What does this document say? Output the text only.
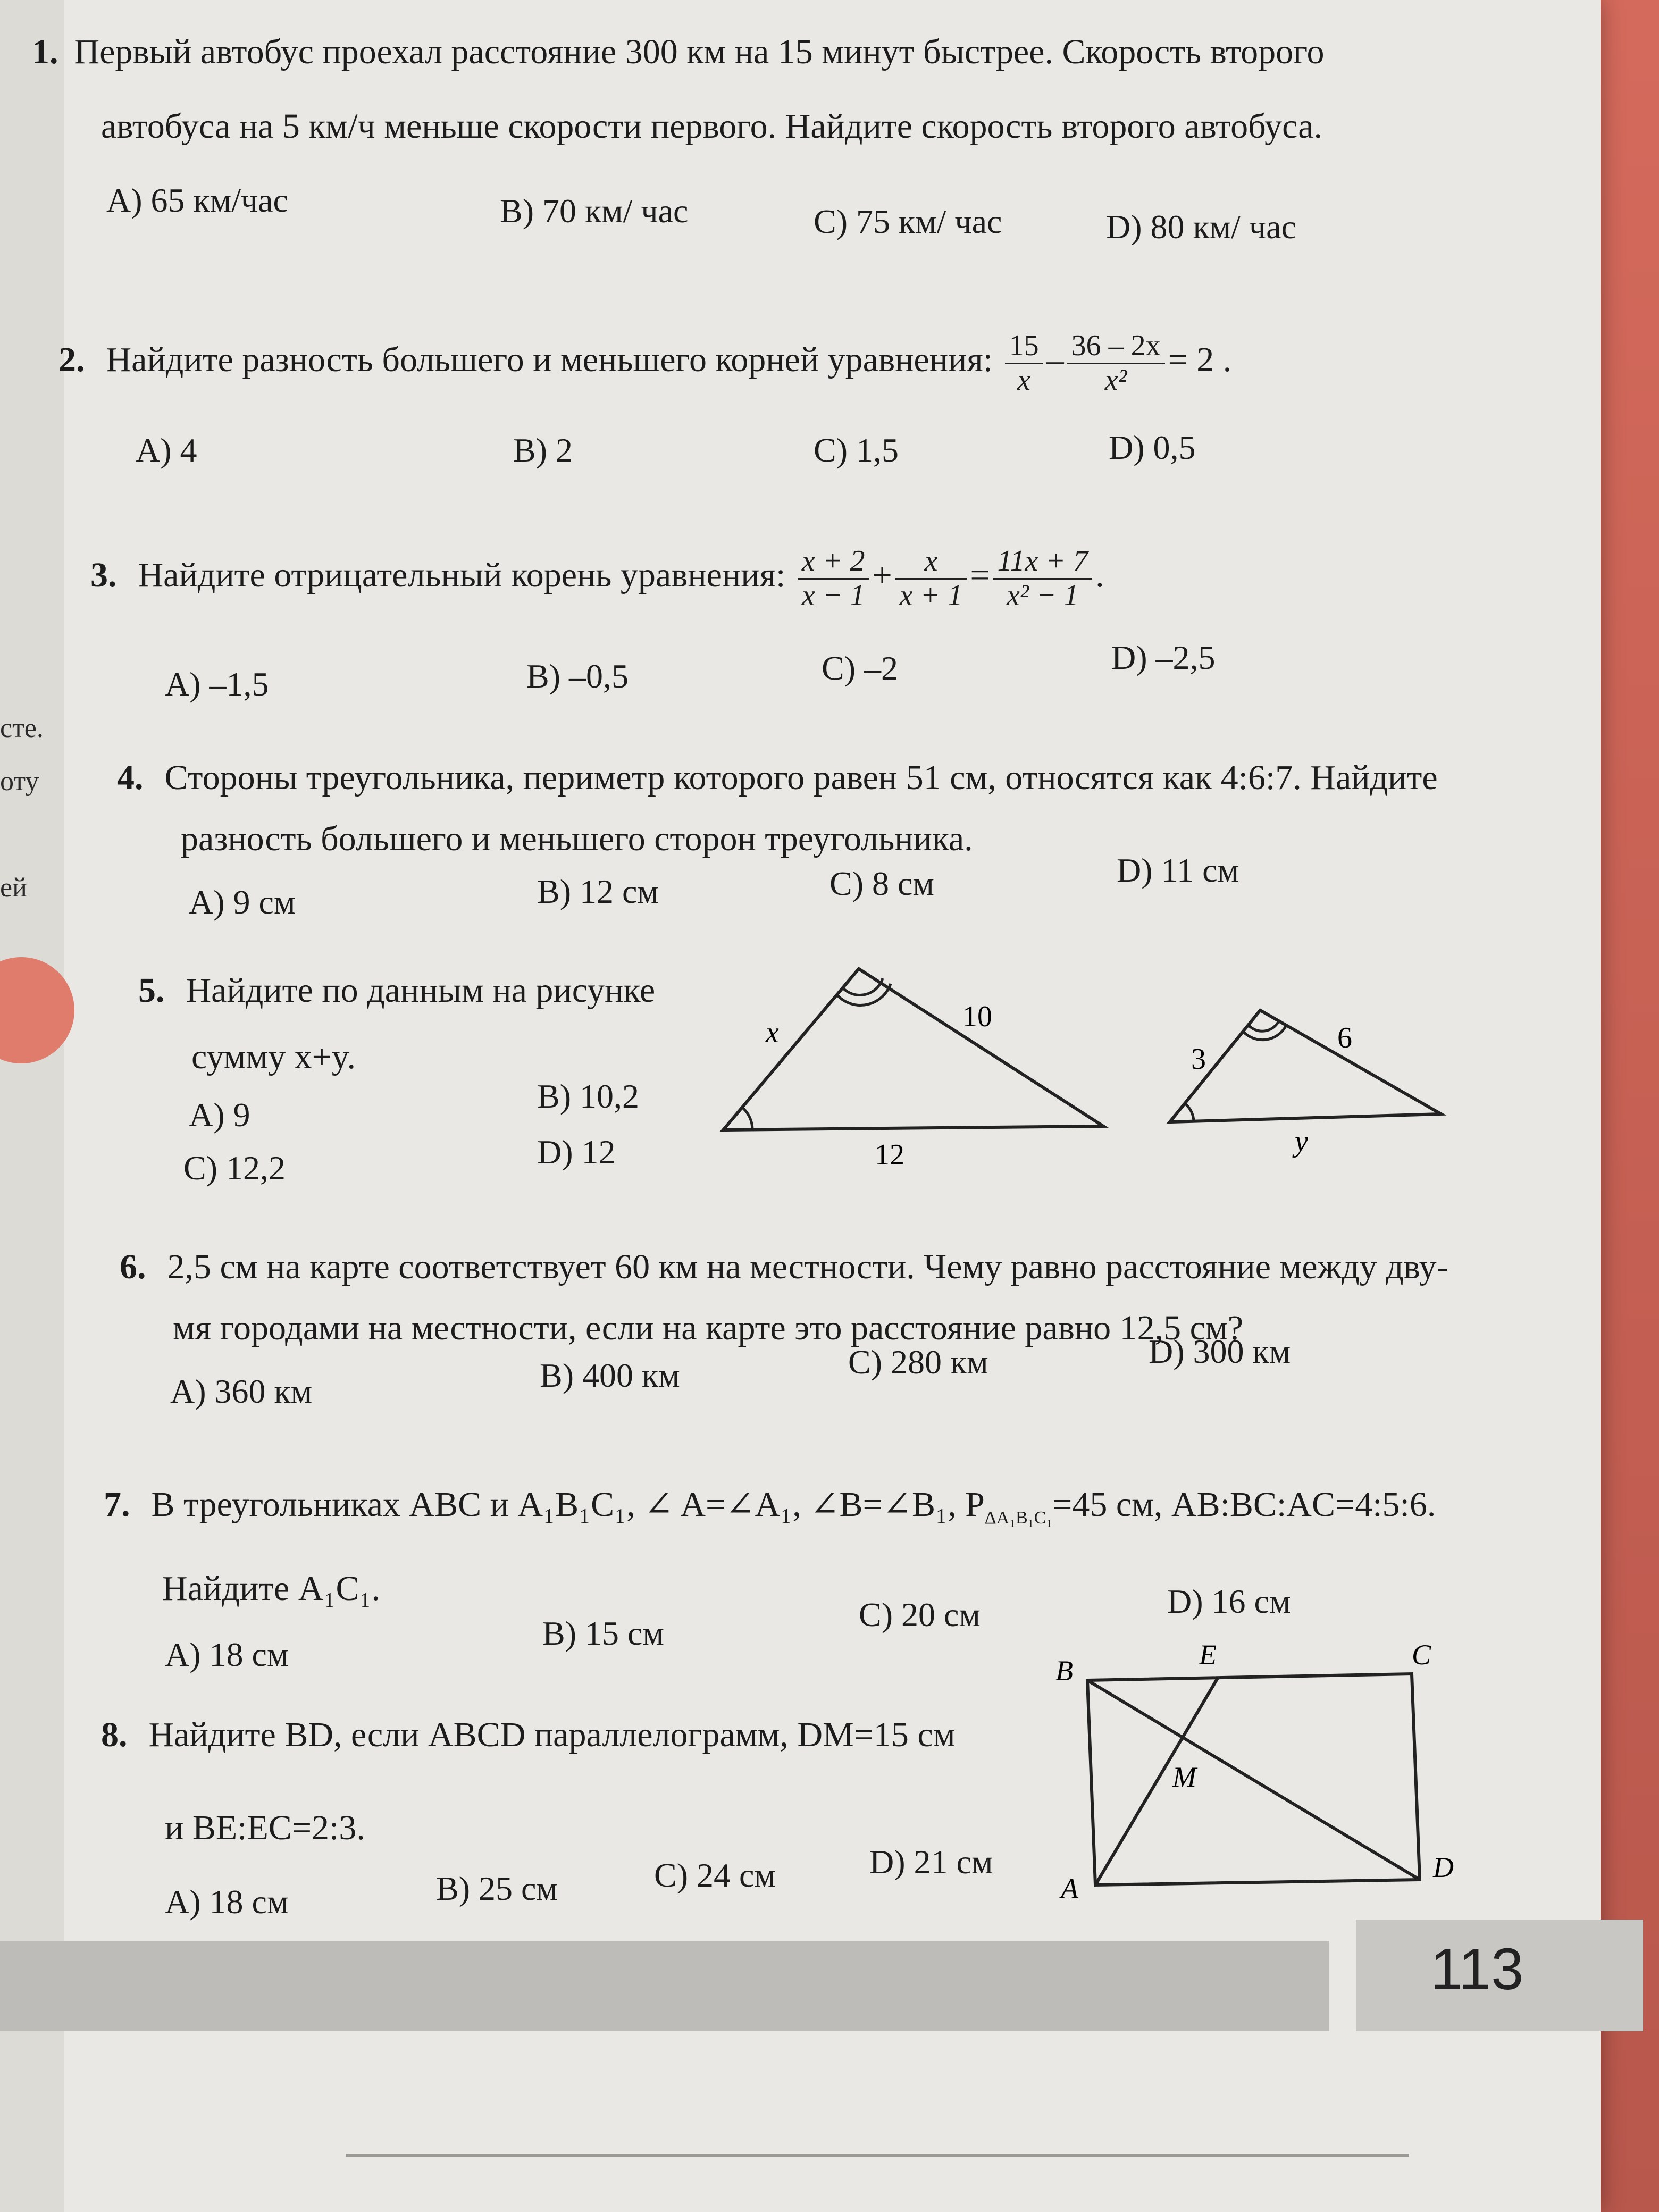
сте.
оту
ей
1. Первый автобус проехал расстояние 300 км на 15 минут быстрее. Скорость второго
автобуса на 5 км/ч меньше скорости первого. Найдите скорость второго автобуса.
A) 65 км/час	B) 70 км/ час	C) 75 км/ час	D) 80 км/ час
2. Найдите разность большего и меньшего корней уравнения: $\frac{15}{x} - \frac{36 - 2x}{\text{x²}} = 2$ .
A) 4	B) 2	C) 1,5	D) 0,5
3. Найдите отрицательный корень уравнения: $\frac{x + 2}{x - 1} + \frac{x}{x + 1} = \frac{11x + 7}{\text{x² − 1}}$ .
A) –1,5	B) –0,5	C) –2	D) –2,5
4. Стороны треугольника, периметр которого равен 51 см, относятся как 4:6:7. Найдите
разность большего и меньшего сторон треугольника.
A) 9 см	B) 12 см	C) 8 см	D) 11 см
5. Найдите по данным на рисунке
сумму x+y.
A) 9	B) 10,2
C) 12,2	D) 12
x	10
12
3
6
y
6. 2,5 см на карте соответствует 60 км на местности. Чему равно расстояние между дву-
мя городами на местности, если на карте это расстояние равно 12,5 см?
A) 360 км	B) 400 км	C) 280 км	D) 300 км
7. В треугольниках ABC и A₁B₁C₁, ∠ A=∠A₁, ∠B=∠B₁, $P_{\Delta A_1B_1C_1}=45$ см, AB:BC:AC=4:5:6.
Найдите A₁C₁.
A) 18 см
B) 15 см	C) 20 см	D) 16 см
8. Найдите BD, если ABCD параллелограмм, DM=15 см
и BE:EC=2:3.
A) 18 см	B) 25 см	C) 24 см	D) 21 см
B	E	C
M
A
D
113
